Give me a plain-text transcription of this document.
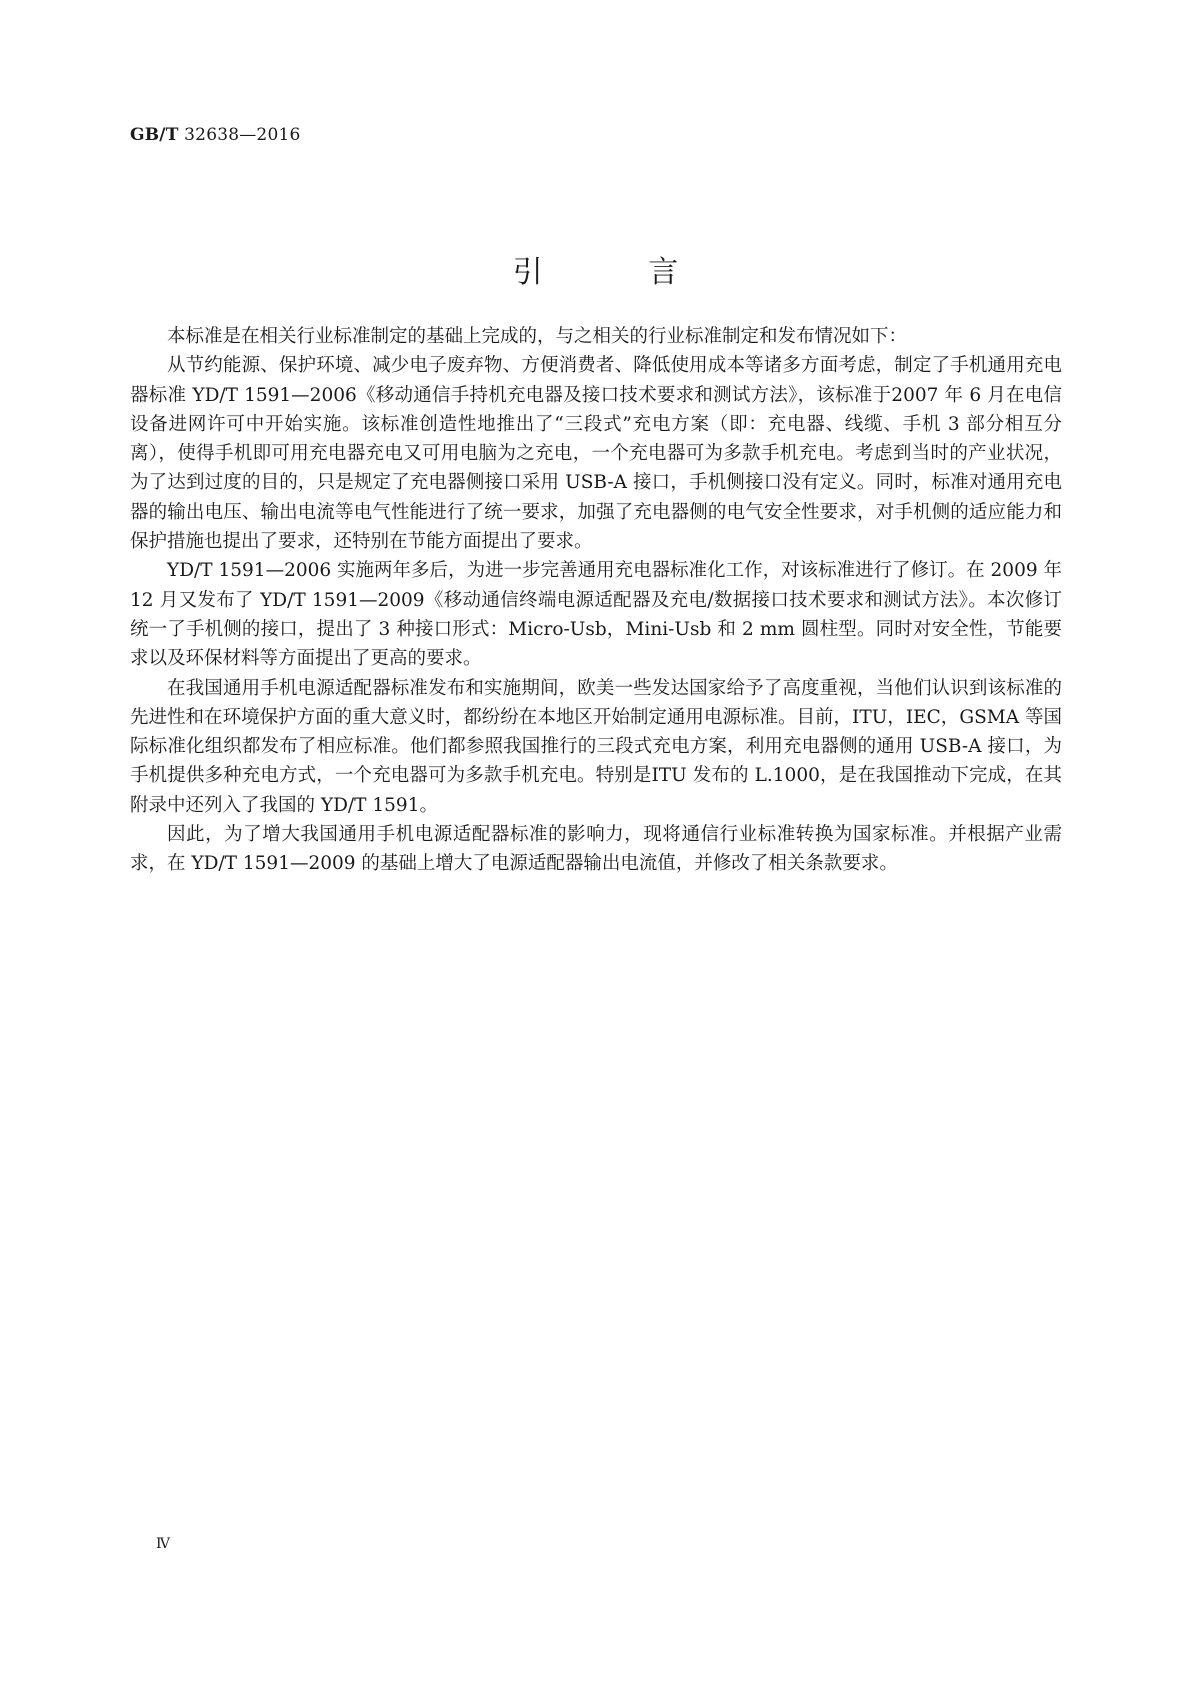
GB/T 32638—2016
引 言

本标准是在相关行业标准制定的基础上完成的，与之相关的行业标准制定和发布情况如下：

从节约能源、保护环境、减少电子废弃物、方便消费者、降低使用成本等诸多方面考虑，制定了手机通用充电器标准 YD/T 1591—2006《移动通信手持机充电器及接口技术要求和测试方法》，该标准于2007 年 6 月在电信设备进网许可中开始实施。该标准创造性地推出了“三段式”充电方案（即：充电器、线缆、手机 3 部分相互分离），使得手机即可用充电器充电又可用电脑为之充电，一个充电器可为多款手机充电。考虑到当时的产业状况，为了达到过度的目的，只是规定了充电器侧接口采用 USB-A 接口，手机侧接口没有定义。同时，标准对通用充电器的输出电压、输出电流等电气性能进行了统一要求，加强了充电器侧的电气安全性要求，对手机侧的适应能力和保护措施也提出了要求，还特别在节能方面提出了要求。

YD/T 1591—2006 实施两年多后，为进一步完善通用充电器标准化工作，对该标准进行了修订。在 2009 年 12 月又发布了 YD/T 1591—2009《移动通信终端电源适配器及充电/数据接口技术要求和测试方法》。本次修订统一了手机侧的接口，提出了 3 种接口形式：Micro-Usb，Mini-Usb 和 2 mm 圆柱型。同时对安全性，节能要求以及环保材料等方面提出了更高的要求。

在我国通用手机电源适配器标准发布和实施期间，欧美一些发达国家给予了高度重视，当他们认识到该标准的先进性和在环境保护方面的重大意义时，都纷纷在本地区开始制定通用电源标准。目前，ITU，IEC，GSMA 等国际标准化组织都发布了相应标准。他们都参照我国推行的三段式充电方案，利用充电器侧的通用 USB-A 接口，为手机提供多种充电方式，一个充电器可为多款手机充电。特别是ITU 发布的 L.1000，是在我国推动下完成，在其附录中还列入了我国的 YD/T 1591。

因此，为了增大我国通用手机电源适配器标准的影响力，现将通信行业标准转换为国家标准。并根据产业需求，在 YD/T 1591—2009 的基础上增大了电源适配器输出电流值，并修改了相关条款要求。

Ⅳ
